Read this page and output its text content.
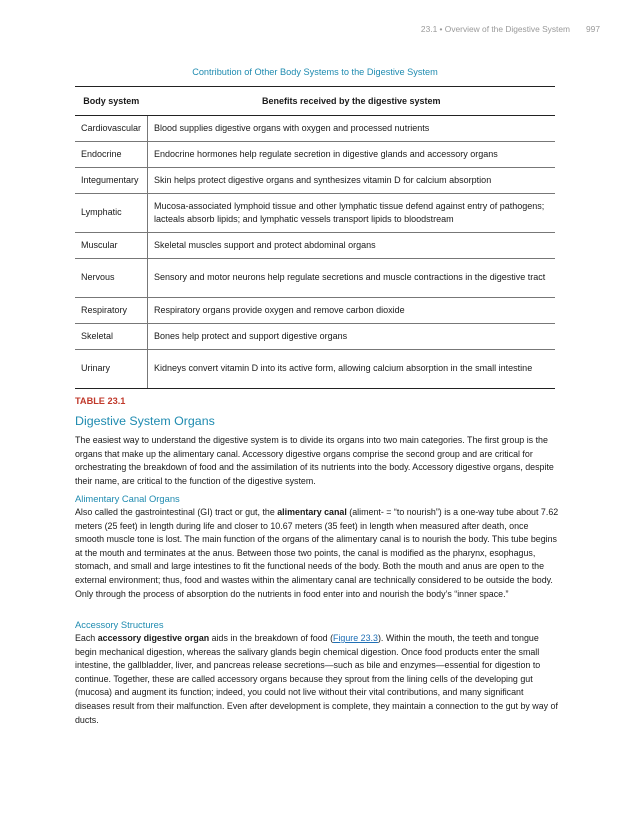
23.1 • Overview of the Digestive System 997
Contribution of Other Body Systems to the Digestive System
Body system	Benefits received by the digestive system
Cardiovascular	Blood supplies digestive organs with oxygen and processed nutrients
Endocrine	Endocrine hormones help regulate secretion in digestive glands and accessory organs
Integumentary	Skin helps protect digestive organs and synthesizes vitamin D for calcium absorption
Lymphatic	Mucosa-associated lymphoid tissue and other lymphatic tissue defend against entry of pathogens; lacteals absorb lipids; and lymphatic vessels transport lipids to bloodstream
Muscular	Skeletal muscles support and protect abdominal organs
Nervous	Sensory and motor neurons help regulate secretions and muscle contractions in the digestive tract
Respiratory	Respiratory organs provide oxygen and remove carbon dioxide
Skeletal	Bones help protect and support digestive organs
Urinary	Kidneys convert vitamin D into its active form, allowing calcium absorption in the small intestine
TABLE 23.1
Digestive System Organs

The easiest way to understand the digestive system is to divide its organs into two main categories. The first group is the organs that make up the alimentary canal. Accessory digestive organs comprise the second group and are critical for orchestrating the breakdown of food and the assimilation of its nutrients into the body. Accessory digestive organs, despite their name, are critical to the function of the digestive system.

Alimentary Canal Organs

Also called the gastrointestinal (GI) tract or gut, the alimentary canal (aliment- = “to nourish”) is a one-way tube about 7.62 meters (25 feet) in length during life and closer to 10.67 meters (35 feet) in length when measured after death, once smooth muscle tone is lost. The main function of the organs of the alimentary canal is to nourish the body. This tube begins at the mouth and terminates at the anus. Between those two points, the canal is modified as the pharynx, esophagus, stomach, and small and large intestines to fit the functional needs of the body. Both the mouth and anus are open to the external environment; thus, food and wastes within the alimentary canal are technically considered to be outside the body. Only through the process of absorption do the nutrients in food enter into and nourish the body’s “inner space.”

Accessory Structures

Each accessory digestive organ aids in the breakdown of food (Figure 23.3). Within the mouth, the teeth and tongue begin mechanical digestion, whereas the salivary glands begin chemical digestion. Once food products enter the small intestine, the gallbladder, liver, and pancreas release secretions—such as bile and enzymes—essential for digestion to continue. Together, these are called accessory organs because they sprout from the lining cells of the developing gut (mucosa) and augment its function; indeed, you could not live without their vital contributions, and many significant diseases result from their malfunction. Even after development is complete, they maintain a connection to the gut by way of ducts.
